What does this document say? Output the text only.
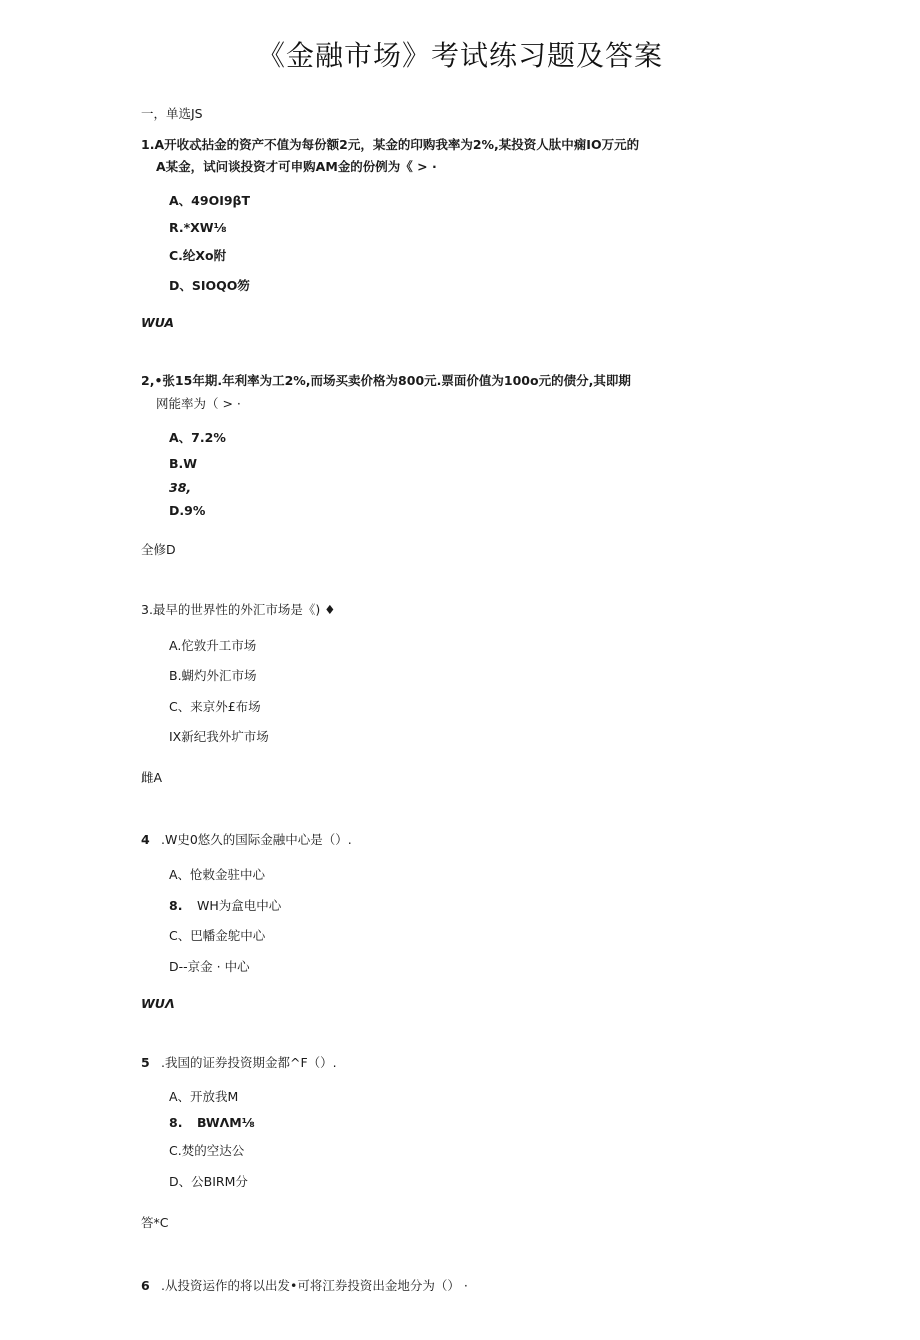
《金融市场》考试练习题及答案
一，单选JS
1.A开收忒拈金的资产不值为每份额2元，某金的印购我率为2%,某投资人肽中痫IO万元的
A某金，试问谈投资才可申购AM金的份例为《 > ·
A、49OI9βT
R.*XW⅛
C.纶Xo附
D、SIOQO笏
WUA
2,•张15年期.年利率为工2%,而场买卖价格为800元.票面价值为100o元的债分,其即期
网能率为（ > ·
A、7.2%
B.W
38,
D.9%
全修D
3.最早的世界性的外汇市场是《) ♦
A.佗敦升工市场
B.蝴灼外汇市场
C、来京外£布场
IX新纪我外圹市场
雌A
4 .W史0悠久的国际金融中心是（）.
A、怆敕金驻中心
8. WH为盒电中心
C、巴幡金鸵中心
D--京金 · 中心
WUΛ
5 .我国的证券投资期金都^F（）.
A、开放我M
8. BWΛM⅛
C.焚的空达公
D、公BIRM分
答*C
6 .从投资运作的将以出发•可将江券投资出金地分为（） ·
